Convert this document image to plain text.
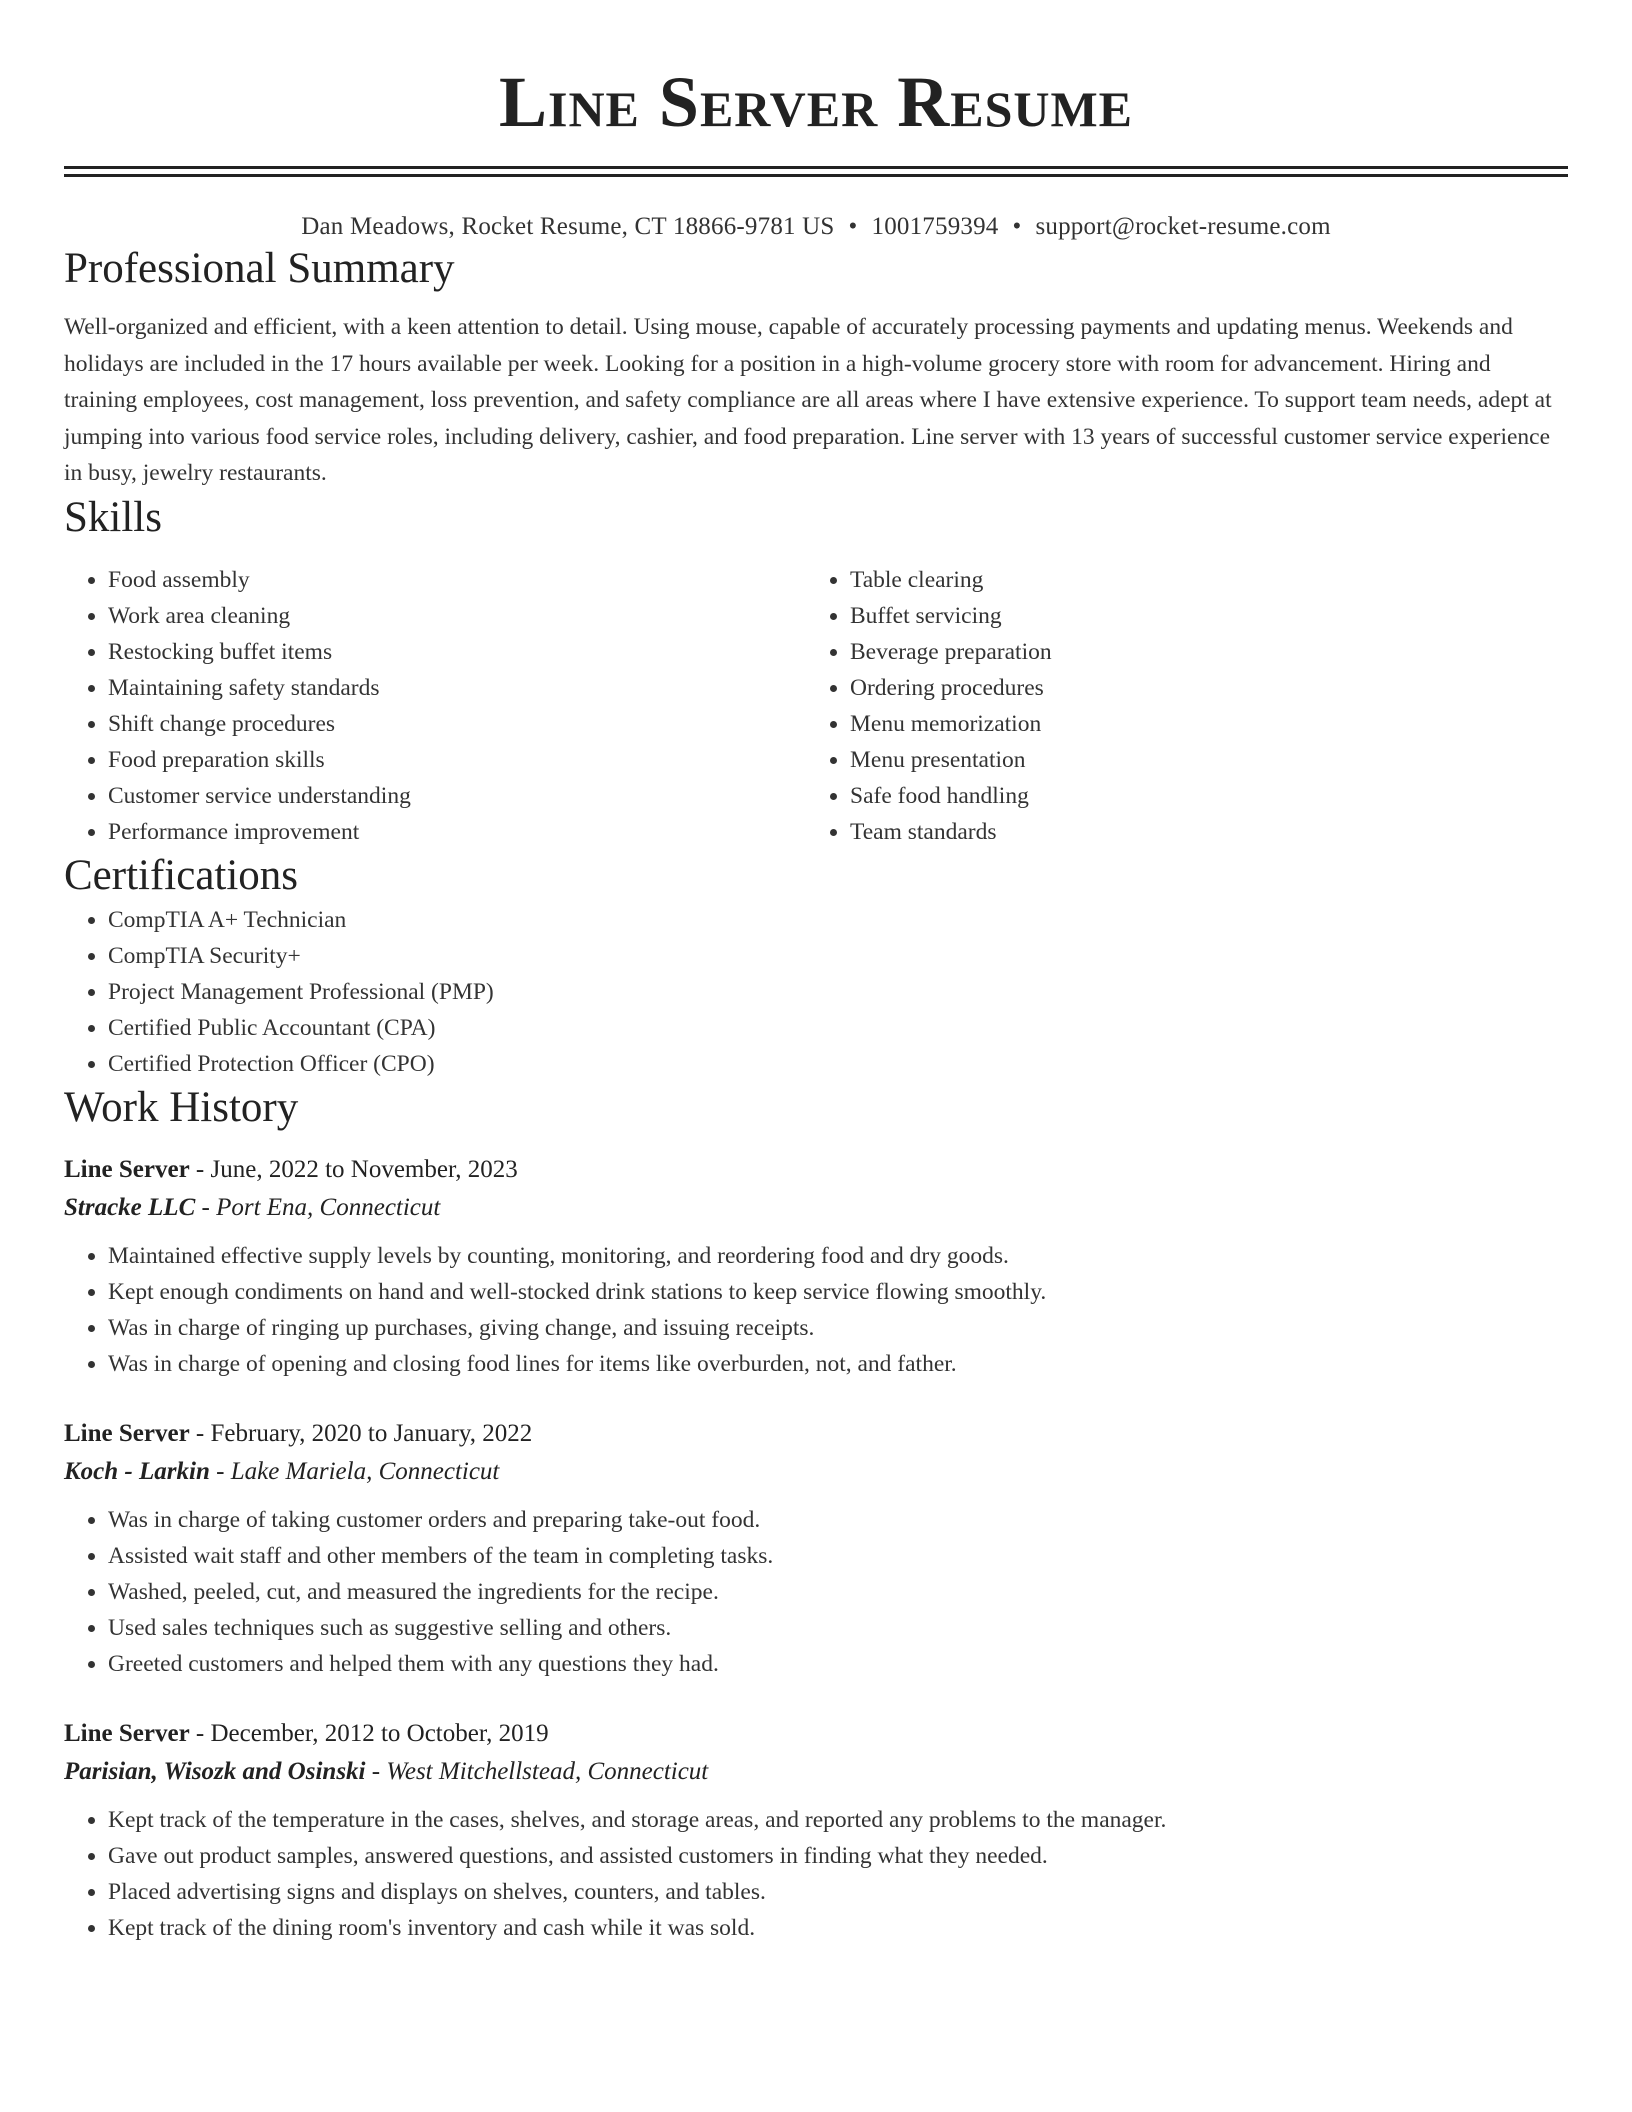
Line Server Resume
Dan Meadows, Rocket Resume, CT 18866-9781 US • 1001759394 • support@rocket-resume.com
Professional Summary

Well-organized and efficient, with a keen attention to detail. Using mouse, capable of accurately processing payments and updating menus. Weekends and holidays are included in the 17 hours available per week. Looking for a position in a high-volume grocery store with room for advancement. Hiring and training employees, cost management, loss prevention, and safety compliance are all areas where I have extensive experience. To support team needs, adept at jumping into various food service roles, including delivery, cashier, and food preparation. Line server with 13 years of successful customer service experience in busy, jewelry restaurants.

Skills
• Food assembly
• Work area cleaning
• Restocking buffet items
• Maintaining safety standards
• Shift change procedures
• Food preparation skills
• Customer service understanding
• Performance improvement
• Table clearing
• Buffet servicing
• Beverage preparation
• Ordering procedures
• Menu memorization
• Menu presentation
• Safe food handling
• Team standards
Certifications
• CompTIA A+ Technician
• CompTIA Security+
• Project Management Professional (PMP)
• Certified Public Accountant (CPA)
• Certified Protection Officer (CPO)
Work History
Line Server - June, 2022 to November, 2023
Stracke LLC - Port Ena, Connecticut
• Maintained effective supply levels by counting, monitoring, and reordering food and dry goods.
• Kept enough condiments on hand and well-stocked drink stations to keep service flowing smoothly.
• Was in charge of ringing up purchases, giving change, and issuing receipts.
• Was in charge of opening and closing food lines for items like overburden, not, and father.
Line Server - February, 2020 to January, 2022
Koch - Larkin - Lake Mariela, Connecticut
• Was in charge of taking customer orders and preparing take-out food.
• Assisted wait staff and other members of the team in completing tasks.
• Washed, peeled, cut, and measured the ingredients for the recipe.
• Used sales techniques such as suggestive selling and others.
• Greeted customers and helped them with any questions they had.
Line Server - December, 2012 to October, 2019
Parisian, Wisozk and Osinski - West Mitchellstead, Connecticut
• Kept track of the temperature in the cases, shelves, and storage areas, and reported any problems to the manager.
• Gave out product samples, answered questions, and assisted customers in finding what they needed.
• Placed advertising signs and displays on shelves, counters, and tables.
• Kept track of the dining room's inventory and cash while it was sold.
